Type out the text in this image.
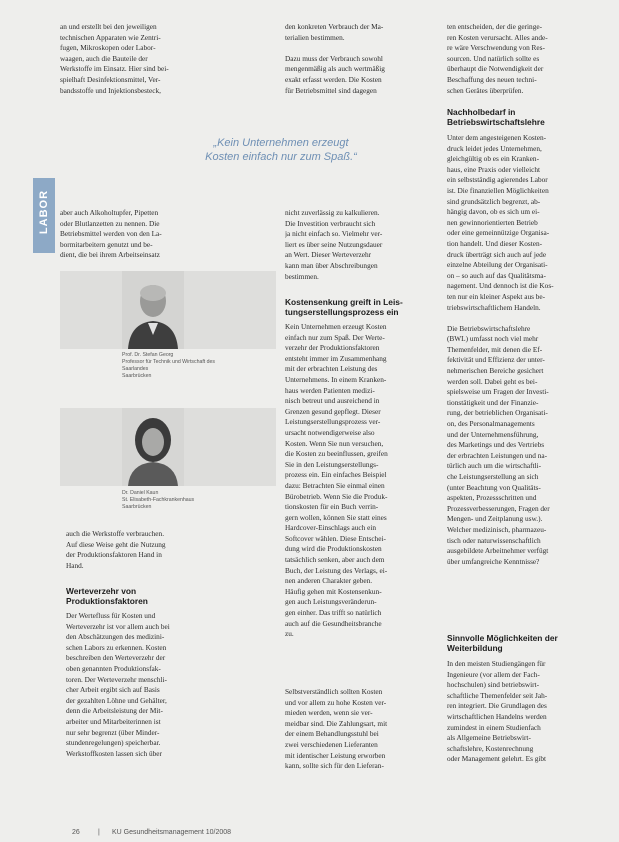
LABOR
an und erstellt bei den jeweiligen
technischen Apparaten wie Zentri-
fugen, Mikroskopen oder Labor-
waagen, auch die Bauteile der
Werkstoffe im Einsatz. Hier sind bei-
spielhaft Desinfektionsmittel, Ver-
bandsstoffe und Injektionsbesteck,
„Kein Unternehmen erzeugt
Kosten einfach nur zum Spaß.“
aber auch Alkoholtupfer, Pipetten
oder Blutlanzetten zu nennen. Die
Betriebsmittel werden von den La-
bormitarbeitern genutzt und be-
dient, die bei ihrem Arbeitseinsatz
Prof. Dr. Stefan Georg
Professor für Technik und Wirtschaft des
Saarlandes
Saarbrücken
Dr. Daniel Kaun
St. Elisabeth-Fachkrankenhaus
Saarbrücken
auch die Werkstoffe verbrauchen.
Auf diese Weise geht die Nutzung
der Produktionsfaktoren Hand in
Hand.
Werteverzehr von
Produktionsfaktoren
Der Wertefluss für Kosten und
Werteverzehr ist vor allem auch bei
den Abschätzungen des medizini-
schen Labors zu erkennen. Kosten
beschreiben den Werteverzehr der
oben genannten Produktionsfak-
toren. Der Werteverzehr menschli-
cher Arbeit ergibt sich auf Basis
der gezahlten Löhne und Gehälter,
denn die Arbeitsleistung der Mit-
arbeiter und Mitarbeiterinnen ist
nur sehr begrenzt (über Minder-
stundenregelungen) speicherbar.
Werkstoffkosten lassen sich über
den konkreten Verbrauch der Ma-
terialien bestimmen.

Dazu muss der Verbrauch sowohl
mengenmäßig als auch wertmäßig
exakt erfasst werden. Die Kosten
für Betriebsmittel sind dagegen
nicht zuverlässig zu kalkulieren.
Die Investition verbraucht sich
ja nicht einfach so. Vielmehr ver-
liert es über seine Nutzungsdauer
an Wert. Dieser Werteverzehr
kann man über Abschreibungen
bestimmen.
Kostensenkung greift in Leis-
tungserstellungsprozess ein
Kein Unternehmen erzeugt Kosten
einfach nur zum Spaß. Der Werte-
verzehr der Produktionsfaktoren
entsteht immer im Zusammenhang
mit der erbrachten Leistung des
Unternehmens. In einem Kranken-
haus werden Patienten medizi-
nisch betreut und ausreichend in
Grenzen gesund gepflegt. Dieser
Leistungserstellungsprozess ver-
ursacht notwendigerweise also
Kosten. Wenn Sie nun versuchen,
die Kosten zu beeinflussen, greifen
Sie in den Leistungserstellungs-
prozess ein. Ein einfaches Beispiel
dazu: Betrachten Sie einmal einen
Bürobetrieb. Wenn Sie die Produk-
tionskosten für ein Buch verrin-
gern wollen, können Sie statt eines
Hardcover-Einschlags auch ein
Softcover wählen. Diese Entschei-
dung wird die Produktionskosten
tatsächlich senken, aber auch dem
Buch, der Leistung des Verlags, ei-
nen anderen Charakter geben.
Häufig gehen mit Kostensenkun-
gen auch Leistungsveränderun-
gen einher. Das trifft so natürlich
auch auf die Gesundheitsbranche
zu.
Selbstverständlich sollten Kosten
und vor allem zu hohe Kosten ver-
mieden werden, wenn sie ver-
meidbar sind. Die Zahlungsart, mit
der einem Behandlungsstuhl bei
zwei verschiedenen Lieferanten
mit identischer Leistung erworben
kann, sollte sich für den Lieferan-
ten entscheiden, der die geringe-
ren Kosten verursacht. Alles ande-
re wäre Verschwendung von Res-
sourcen. Und natürlich sollte es
überhaupt die Notwendigkeit der
Beschaffung des neuen techni-
schen Gerätes überprüfen.
Nachholbedarf in
Betriebswirtschaftslehre
Unter dem angesteigenen Kosten-
druck leidet jedes Unternehmen,
gleichgültig ob es ein Kranken-
haus, eine Praxis oder vielleicht
ein selbstständig agierendes Labor
ist. Die finanziellen Möglichkeiten
sind grundsätzlich begrenzt, ab-
hängig davon, ob es sich um ei-
nen gewinnorientierten Betrieb
oder eine gemeinnützige Organisa-
tion handelt. Und dieser Kosten-
druck überträgt sich auch auf jede
einzelne Abteilung der Organisati-
on – so auch auf das Qualitätsma-
nagement. Und dennoch ist die Kos-
ten nur ein kleiner Aspekt aus be-
triebswirtschaftlichem Handeln.

Die Betriebswirtschaftslehre
(BWL) umfasst noch viel mehr
Themenfelder, mit denen die Ef-
fektivität und Effizienz der unter-
nehmerischen Bereiche gesichert
werden soll. Dabei geht es bei-
spielsweise um Fragen der Investi-
tionstätigkeit und der Finanzie-
rung, der betrieblichen Organisati-
on, des Personalmanagements
und der Unternehmensführung,
des Marketings und des Vertriebs
der erbrachten Leistungen und na-
türlich auch um die wirtschaftli-
che Leistungserstellung an sich
(unter Beachtung von Qualitäts-
aspekten, Prozessschritten und
Prozessverbesserungen, Fragen der
Mengen- und Zeitplanung usw.).
Welcher medizinisch, pharmazeu-
tisch oder naturwissenschaftlich
ausgebildete Arbeitnehmer verfügt
über umfangreiche Kenntnisse?
Sinnvolle Möglichkeiten der
Weiterbildung
In den meisten Studiengängen für
Ingenieure (vor allem der Fach-
hochschulen) sind betriebswirt-
schaftliche Themenfelder seit Jah-
ren integriert. Die Grundlagen des
wirtschaftlichen Handelns werden
zumindest in einem Studienfach
als Allgemeine Betriebswirt-
schaftslehre, Kostenrechnung
oder Management gelehrt. Es gibt
26	| KU Gesundheitsmanagement 10/2008
